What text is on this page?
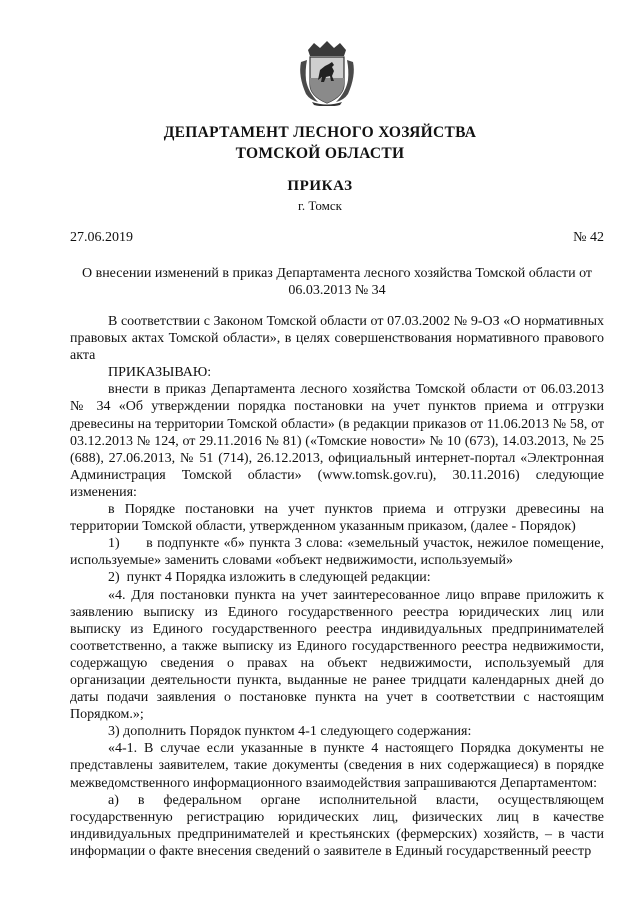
ДЕПАРТАМЕНТ ЛЕСНОГО ХОЗЯЙСТВА
ТОМСКОЙ ОБЛАСТИ
ПРИКАЗ
г. Томск
27.06.2019	№ 42
О внесении изменений в приказ Департамента лесного хозяйства Томской области от 06.03.2013 № 34

В соответствии с Законом Томской области от 07.03.2002 № 9-ОЗ «О нормативных правовых актах Томской области», в целях совершенствования нормативного правового акта

ПРИКАЗЫВАЮ:

внести в приказ Департамента лесного хозяйства Томской области от 06.03.2013 № 34 «Об утверждении порядка постановки на учет пунктов приема и отгрузки древесины на территории Томской области» (в редакции приказов от 11.06.2013 № 58, от 03.12.2013 № 124, от 29.11.2016 № 81) («Томские новости» № 10 (673), 14.03.2013, № 25 (688), 27.06.2013, № 51 (714), 26.12.2013, официальный интернет-портал «Электронная Администрация Томской области» (www.tomsk.gov.ru), 30.11.2016) следующие изменения:

в Порядке постановки на учет пунктов приема и отгрузки древесины на территории Томской области, утвержденном указанным приказом, (далее - Порядок)

1)      в подпункте «б» пункта 3 слова: «земельный участок, нежилое помещение, используемые» заменить словами «объект недвижимости, используемый»

2)  пункт 4 Порядка изложить в следующей редакции:

«4. Для постановки пункта на учет заинтересованное лицо вправе приложить к заявлению выписку из Единого государственного реестра юридических лиц или выписку из Единого государственного реестра индивидуальных предпринимателей соответственно, а также выписку из Единого государственного реестра недвижимости, содержащую сведения о правах на объект недвижимости, используемый для организации деятельности пункта, выданные не ранее тридцати календарных дней до даты подачи заявления о постановке пункта на учет в соответствии с настоящим Порядком.»;

3) дополнить Порядок пунктом 4-1 следующего содержания:

«4-1. В случае если указанные в пункте 4 настоящего Порядка документы не представлены заявителем, такие документы (сведения в них содержащиеся) в порядке межведомственного информационного взаимодействия запрашиваются Департаментом:

а) в федеральном органе исполнительной власти, осуществляющем государственную регистрацию юридических лиц, физических лиц в качестве индивидуальных предпринимателей и крестьянских (фермерских) хозяйств, – в части информации о факте внесения сведений о заявителе в Единый государственный реестр
